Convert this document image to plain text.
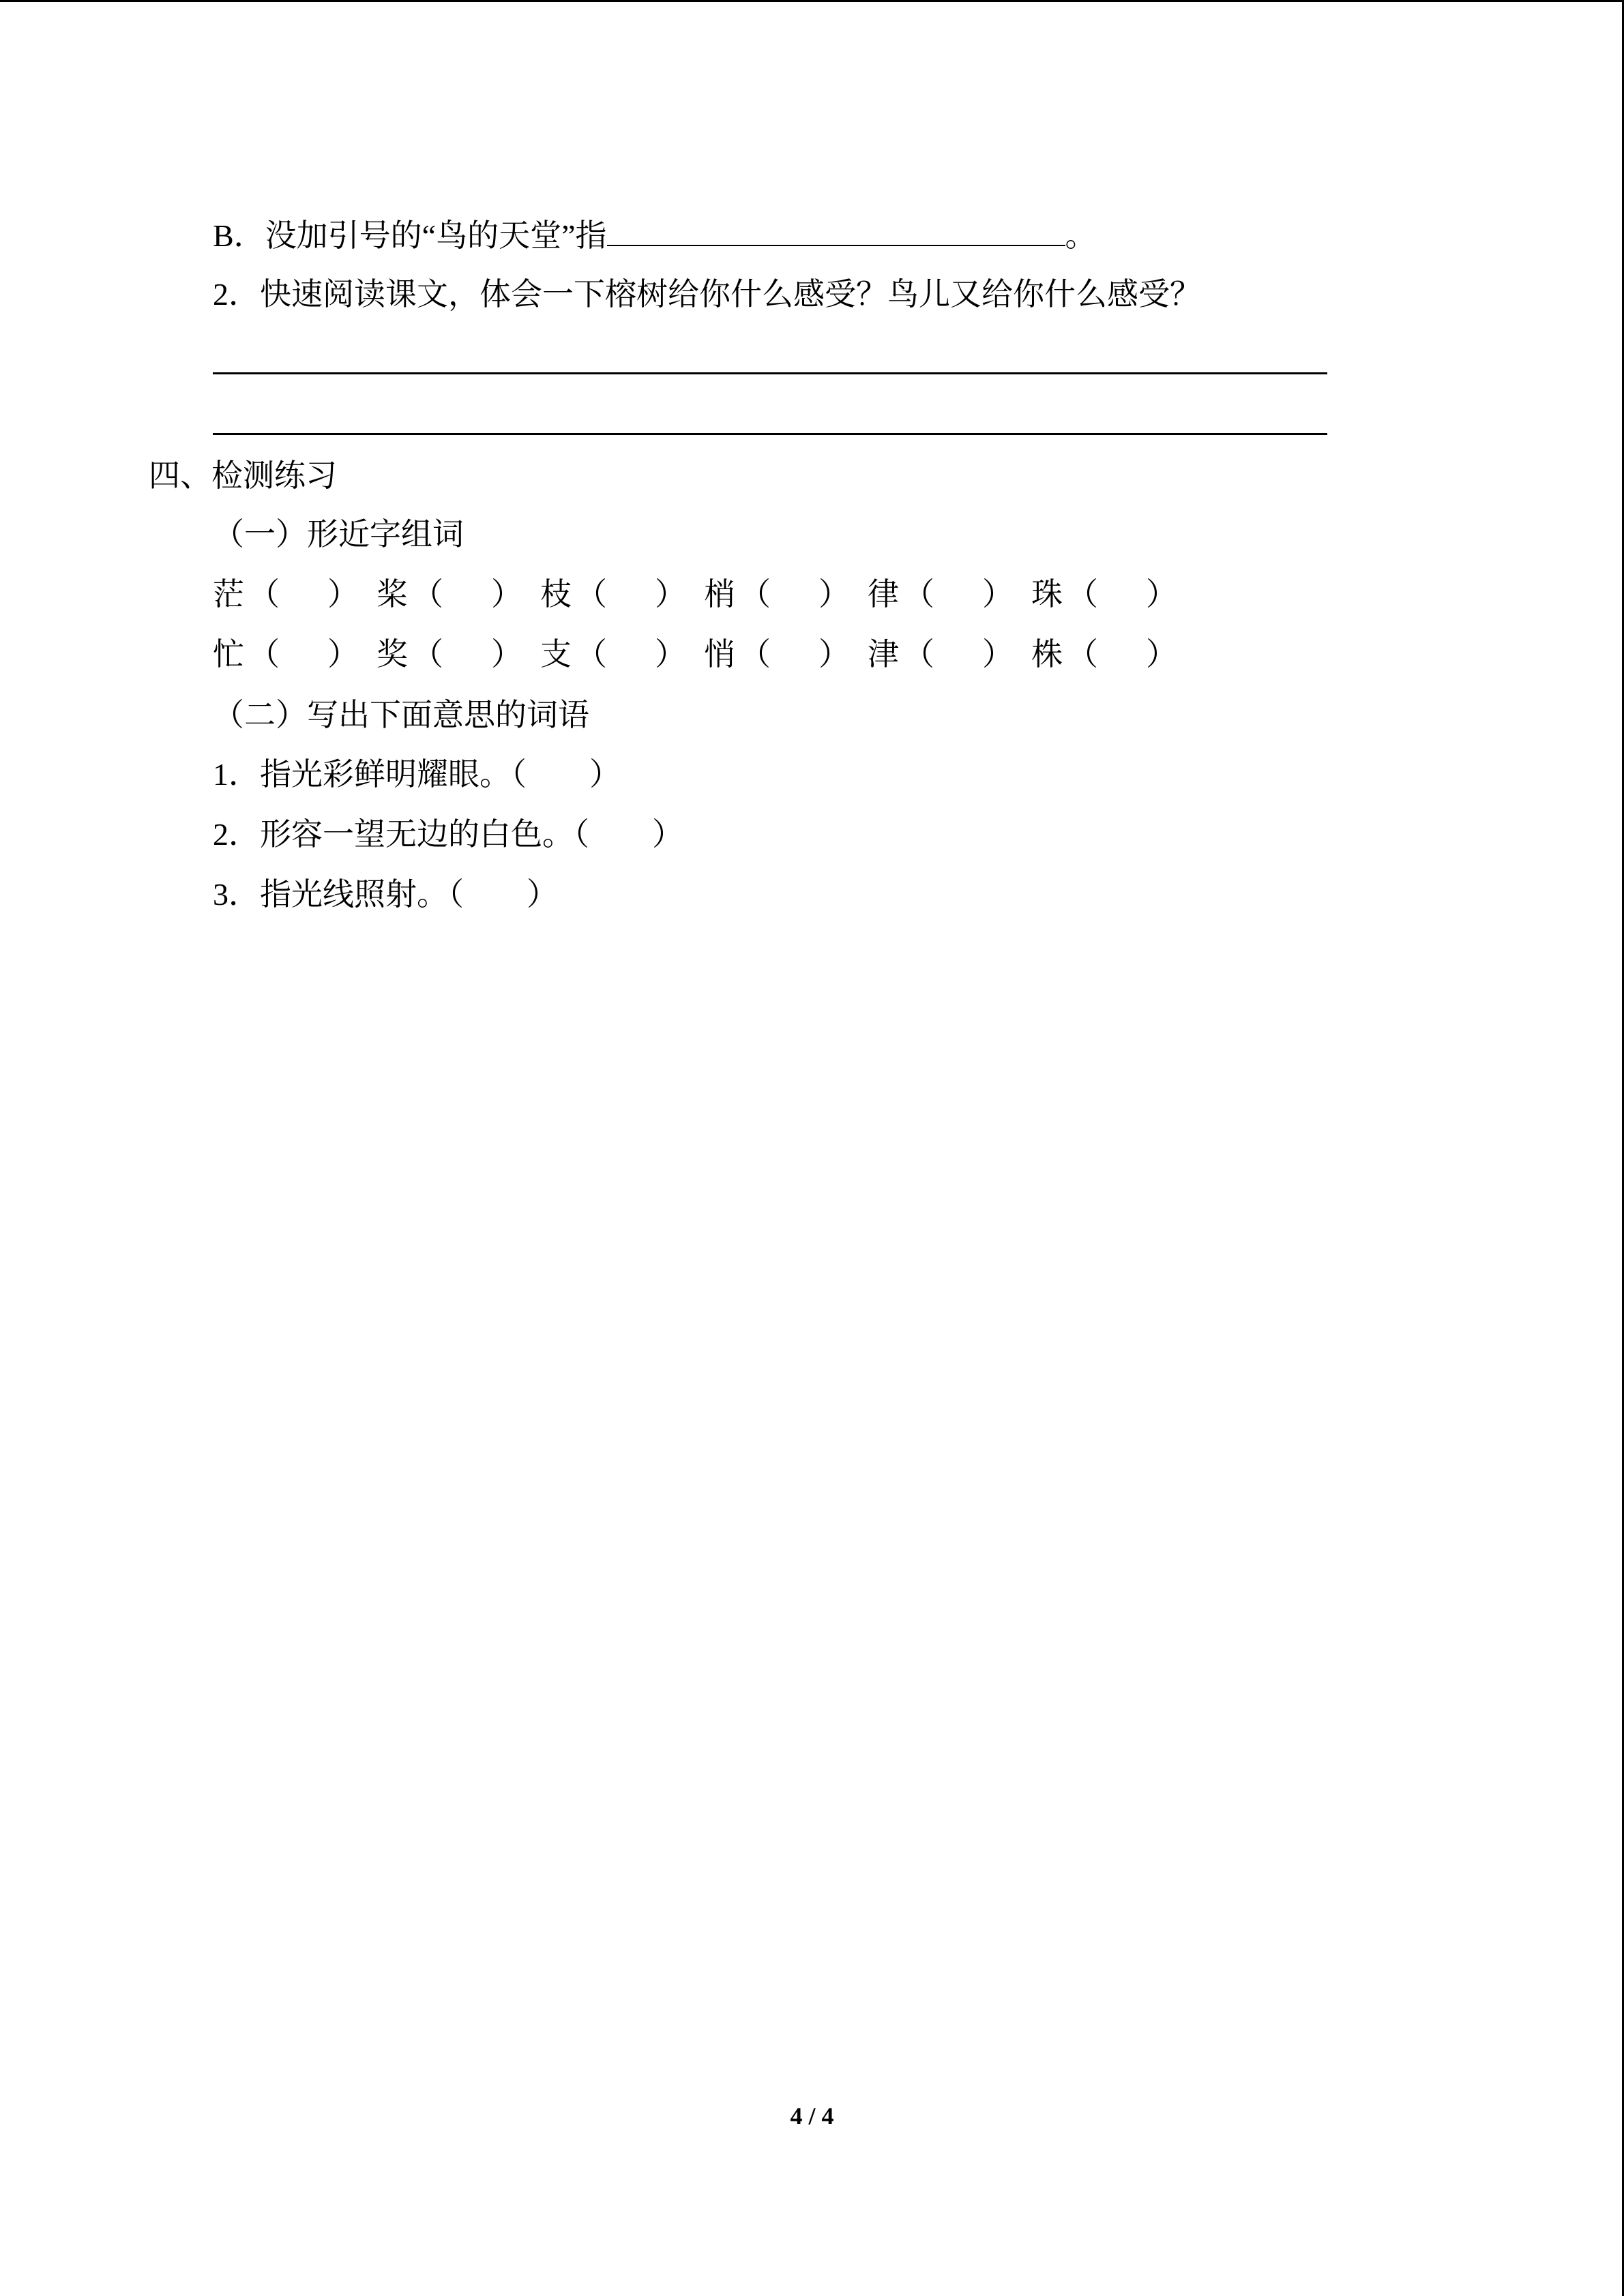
B．没加引号的“鸟的天堂”指	。
2．快速阅读课文，体会一下榕树给你什么感受？鸟儿又给你什么感受？
四、检测练习
（一）形近字组词
茫 （ ） 桨 （ ） 枝 （ ） 梢 （ ） 律 （ ） 珠 （ ）
忙 （ ） 奖 （ ） 支 （ ） 悄 （ ） 津 （ ） 株 （ ）
（二）写出下面意思的词语
1．指光彩鲜明耀眼。（　　）
2．形容一望无边的白色。（　　）
3．指光线照射。（　　）
4 / 4
